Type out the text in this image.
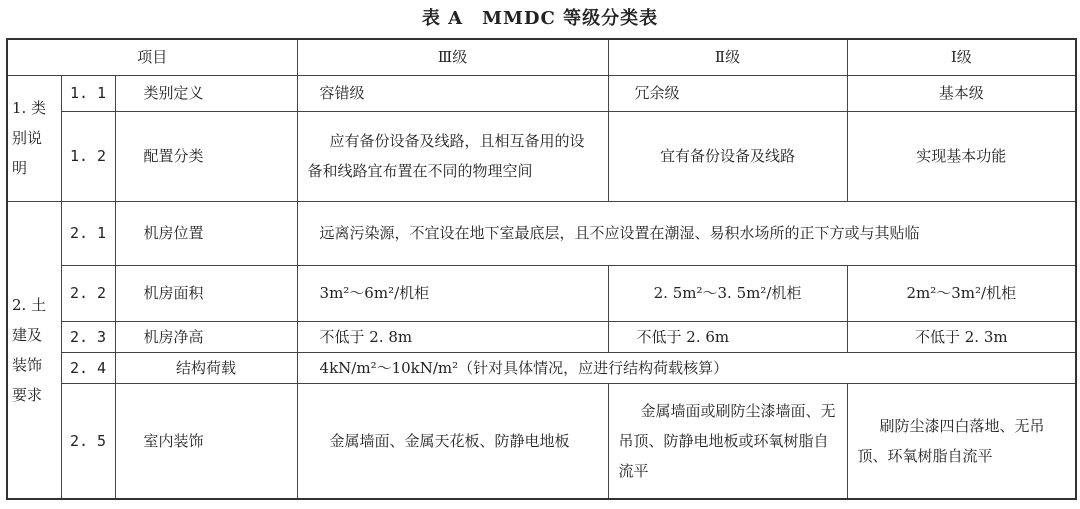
表 A　MMDC 等级分类表
项目			Ⅲ级	Ⅱ级	Ⅰ级
1. 类别说明	1. 1	类别定义	容错级	冗余级	基本级
	1. 2	配置分类	应有备份设备及线路，且相互备用的设备和线路宜布置在不同的物理空间	宜有备份设备及线路	实现基本功能
2. 土建及装饰要求	2. 1	机房位置	远离污染源，不宜设在地下室最底层，且不应设置在潮湿、易积水场所的正下方或与其贴临		
	2. 2	机房面积	3m²～6m²/机柜	2. 5m²～3. 5m²/机柜	2m²～3m²/机柜
	2. 3	机房净高	不低于 2. 8m	不低于 2. 6m	不低于 2. 3m
	2. 4	结构荷载	4kN/m²～10kN/m²（针对具体情况，应进行结构荷载核算）		
	2. 5	室内装饰	金属墙面、金属天花板、防静电地板	金属墙面或刷防尘漆墙面、无吊顶、防静电地板或环氧树脂自流平	刷防尘漆四白落地、无吊顶、环氧树脂自流平
